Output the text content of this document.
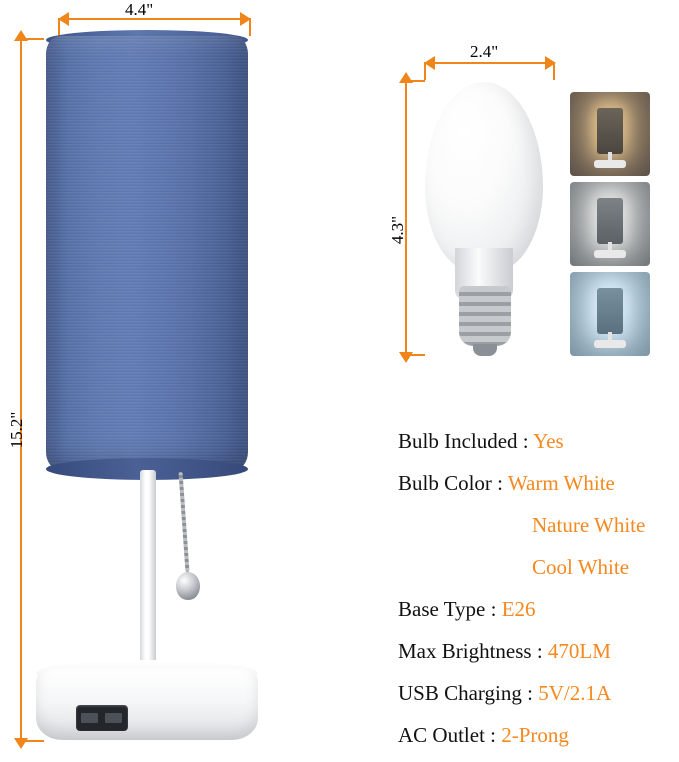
4.4"
15.2"
2.4"
4.3"
Bulb Included : Yes
Bulb Color : Warm White
Nature White
Cool White
Base Type : E26
Max Brightness : 470LM
USB Charging : 5V/2.1A
AC Outlet : 2-Prong
